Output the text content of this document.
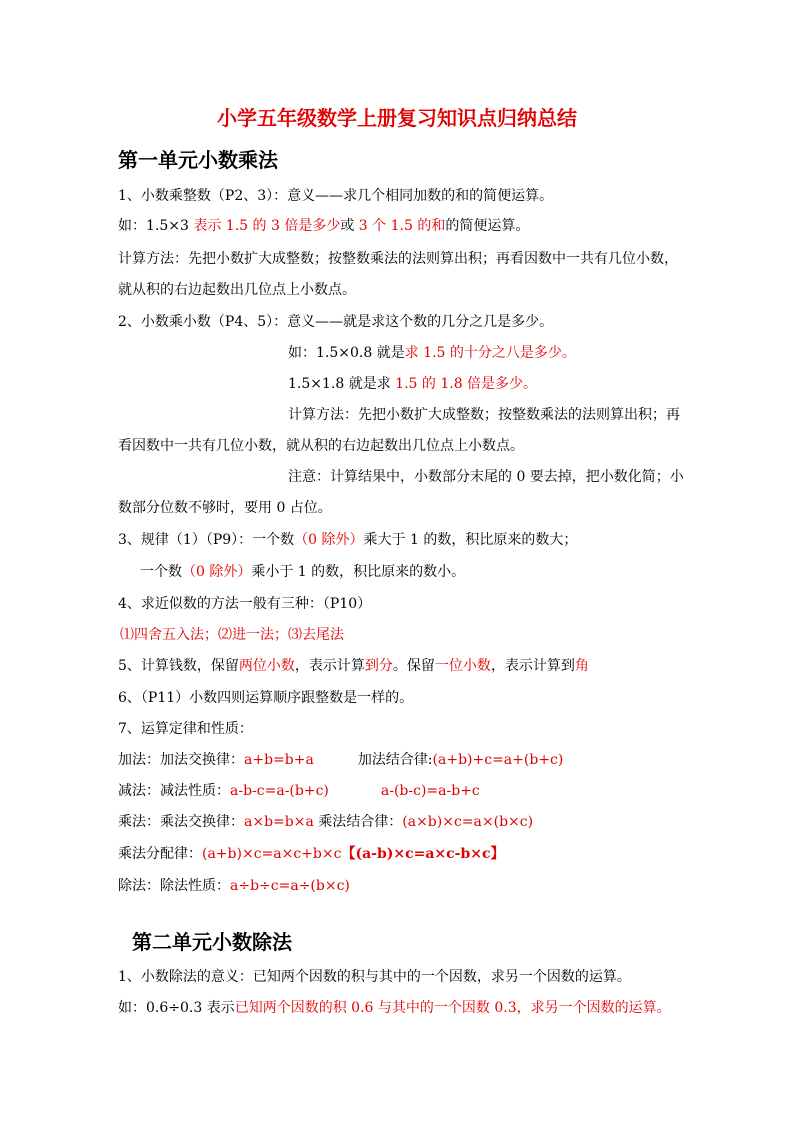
小学五年级数学上册复习知识点归纳总结
第一单元小数乘法
1、小数乘整数（P2、3）：意义——求几个相同加数的和的简便运算。
如：1.5×3 表示 1.5 的 3 倍是多少或 3 个 1.5 的和的简便运算。
计算方法：先把小数扩大成整数；按整数乘法的法则算出积；再看因数中一共有几位小数，
就从积的右边起数出几位点上小数点。
2、小数乘小数（P4、5）：意义——就是求这个数的几分之几是多少。
如：1.5×0.8 就是求 1.5 的十分之八是多少。
1.5×1.8 就是求 1.5 的 1.8 倍是多少。
计算方法：先把小数扩大成整数；按整数乘法的法则算出积；再
看因数中一共有几位小数，就从积的右边起数出几位点上小数点。
注意：计算结果中，小数部分末尾的 0 要去掉，把小数化简；小
数部分位数不够时，要用 0 占位。
3、规律（1）（P9）：一个数（0 除外）乘大于 1 的数，积比原来的数大；
一个数（0 除外）乘小于 1 的数，积比原来的数小。
4、求近似数的方法一般有三种：（P10）
⑴四舍五入法；⑵进一法；⑶去尾法
5、计算钱数，保留两位小数，表示计算到分。保留一位小数，表示计算到角
6、（P11）小数四则运算顺序跟整数是一样的。
7、运算定律和性质：
加法：加法交换律：a+b=b+a	加法结合律:(a+b)+c=a+(b+c)
减法：减法性质：a-b-c=a-(b+c)	a-(b-c)=a-b+c
乘法：乘法交换律：a×b=b×a 乘法结合律：(a×b)×c=a×(b×c)
乘法分配律：(a+b)×c=a×c+b×c【(a-b)×c=a×c-b×c】
除法：除法性质：a÷b÷c=a÷(b×c)
第二单元小数除法
1、小数除法的意义：已知两个因数的积与其中的一个因数，求另一个因数的运算。
如：0.6÷0.3 表示已知两个因数的积 0.6 与其中的一个因数 0.3，求另一个因数的运算。
